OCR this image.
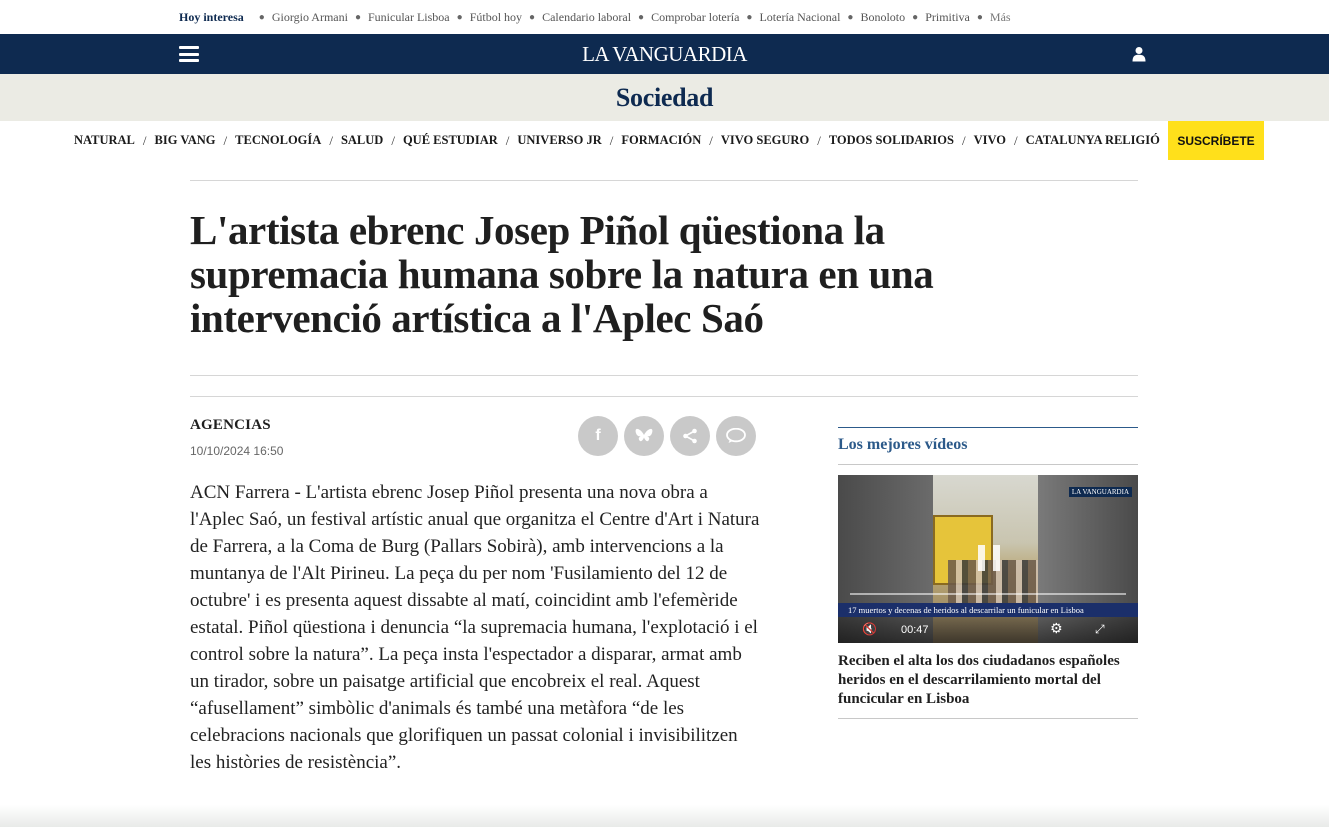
Hoy interesa ● Giorgio Armani ● Funicular Lisboa ● Fútbol hoy ● Calendario laboral ● Comprobar lotería ● Lotería Nacional ● Bonoloto ● Primitiva ● Más
LA VANGUARDIA
Sociedad
NATURAL / BIG VANG / TECNOLOGÍA / SALUD / QUÉ ESTUDIAR / UNIVERSO JR / FORMACIÓN / VIVO SEGURO / TODOS SOLIDARIOS / VIVO / CATALUNYA RELIGIÓ	SUSCRÍBETE
L'artista ebrenc Josep Piñol qüestiona la supremacia humana sobre la natura en una intervenció artística a l'Aplec Saó
AGENCIAS
10/10/2024 16:50
f

ACN Farrera - L'artista ebrenc Josep Piñol presenta una nova obra a l'Aplec Saó, un festival artístic anual que organitza el Centre d'Art i Natura de Farrera, a la Coma de Burg (Pallars Sobirà), amb intervencions a la muntanya de l'Alt Pirineu. La peça du per nom 'Fusilamiento del 12 de octubre' i es presenta aquest dissabte al matí, coincidint amb l'efemèride estatal. Piñol qüestiona i denuncia “la supremacia humana, l'explotació i el control sobre la natura”. La peça insta l'espectador a disparar, armat amb un tirador, sobre un paisatge artificial que encobreix el real. Aquest “afusellament” simbòlic d'animals és també una metàfora “de les celebracions nacionals que glorifiquen un passat colonial i invisibilitzen les històries de resistència”.

Los mejores vídeos
LA VANGUARDIA
17 muertos y decenas de heridos al descarrilar un funicular en Lisboa
🔇 00:47	⚙	⤢
Reciben el alta los dos ciudadanos españoles heridos en el descarrilamiento mortal del funcicular en Lisboa
